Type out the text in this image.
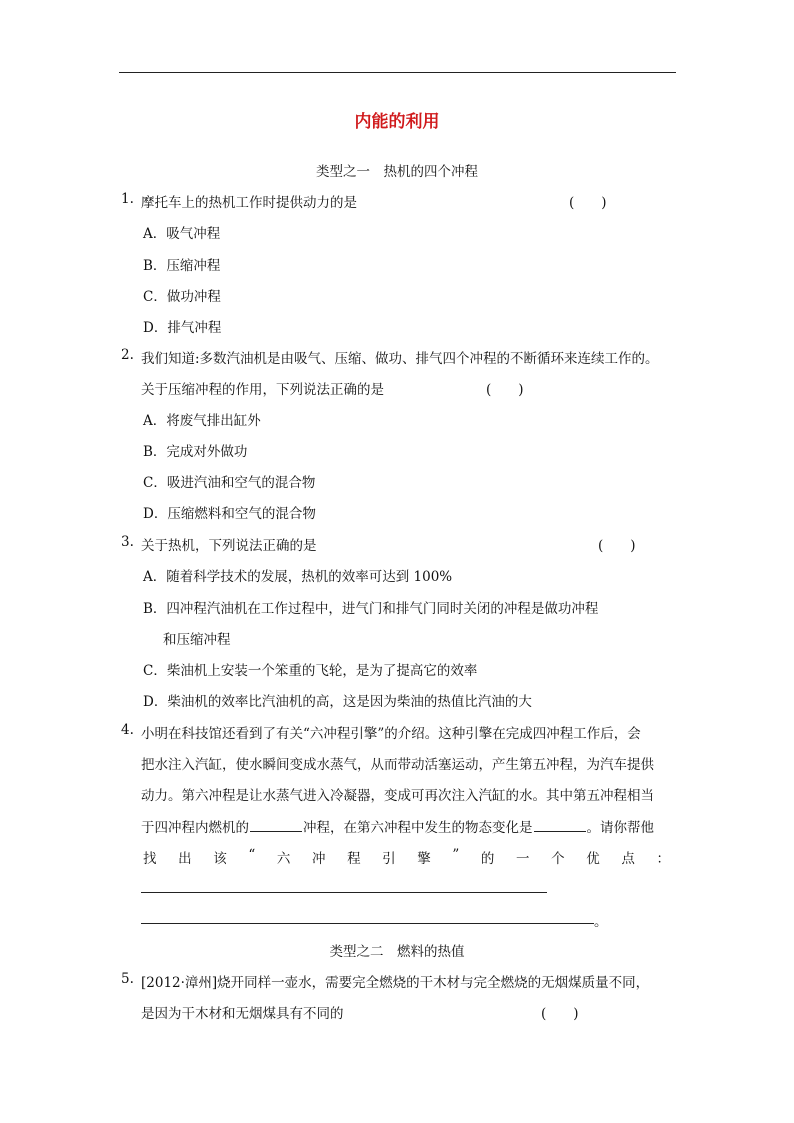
内能的利用
类型之一　热机的四个冲程
1. 摩托车上的热机工作时提供动力的是	(　　)
A．吸气冲程
B．压缩冲程
C．做功冲程
D．排气冲程
2. 我们知道:多数汽油机是由吸气、压缩、做功、排气四个冲程的不断循环来连续工作的。
关于压缩冲程的作用，下列说法正确的是	(　　)
A．将废气排出缸外
B．完成对外做功
C．吸进汽油和空气的混合物
D．压缩燃料和空气的混合物
3. 关于热机，下列说法正确的是	(　　)
A．随着科学技术的发展，热机的效率可达到 100%
B．四冲程汽油机在工作过程中，进气门和排气门同时关闭的冲程是做功冲程
和压缩冲程
C．柴油机上安装一个笨重的飞轮，是为了提高它的效率
D．柴油机的效率比汽油机的高，这是因为柴油的热值比汽油的大
4. 小明在科技馆还看到了有关“六冲程引擎”的介绍。这种引擎在完成四冲程工作后，会
把水注入汽缸，使水瞬间变成水蒸气，从而带动活塞运动，产生第五冲程，为汽车提供
动力。第六冲程是让水蒸气进入冷凝器，变成可再次注入汽缸的水。其中第五冲程相当
于四冲程内燃机的	冲程，在第六冲程中发生的物态变化是	。请你帮他
找 出 该 “ 六 冲 程 引 擎 ” 的 一 个 优 点 ：
。
类型之二　燃料的热值
5. [2012·漳州]烧开同样一壶水，需要完全燃烧的干木材与完全燃烧的无烟煤质量不同，
是因为干木材和无烟煤具有不同的	(　　)
